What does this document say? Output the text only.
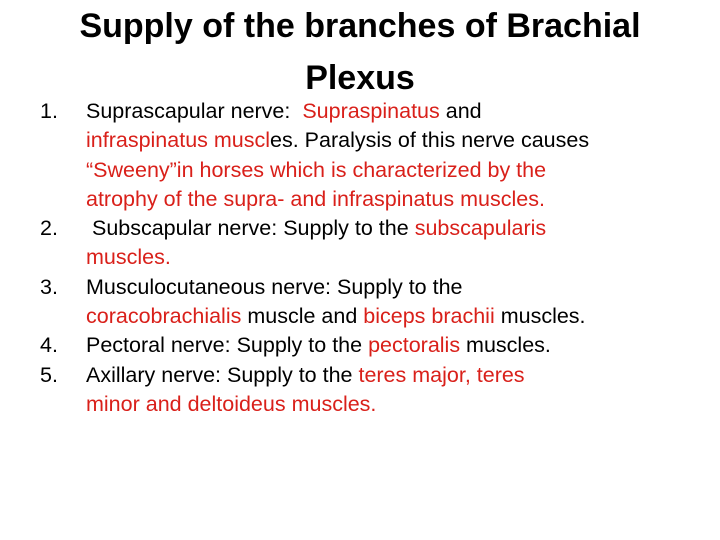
Supply of the branches of Brachial
Plexus
1. Suprascapular nerve:  Supraspinatus and
infraspinatus muscles. Paralysis of this nerve causes
“Sweeny”in horses which is characterized by the
atrophy of the supra- and infraspinatus muscles.
2. Subscapular nerve: Supply to the subscapularis
muscles.
3. Musculocutaneous nerve: Supply to the
coracobrachialis muscle and biceps brachii muscles.
4. Pectoral nerve: Supply to the pectoralis muscles.
5. Axillary nerve: Supply to the teres major, teres
minor and deltoideus muscles.
